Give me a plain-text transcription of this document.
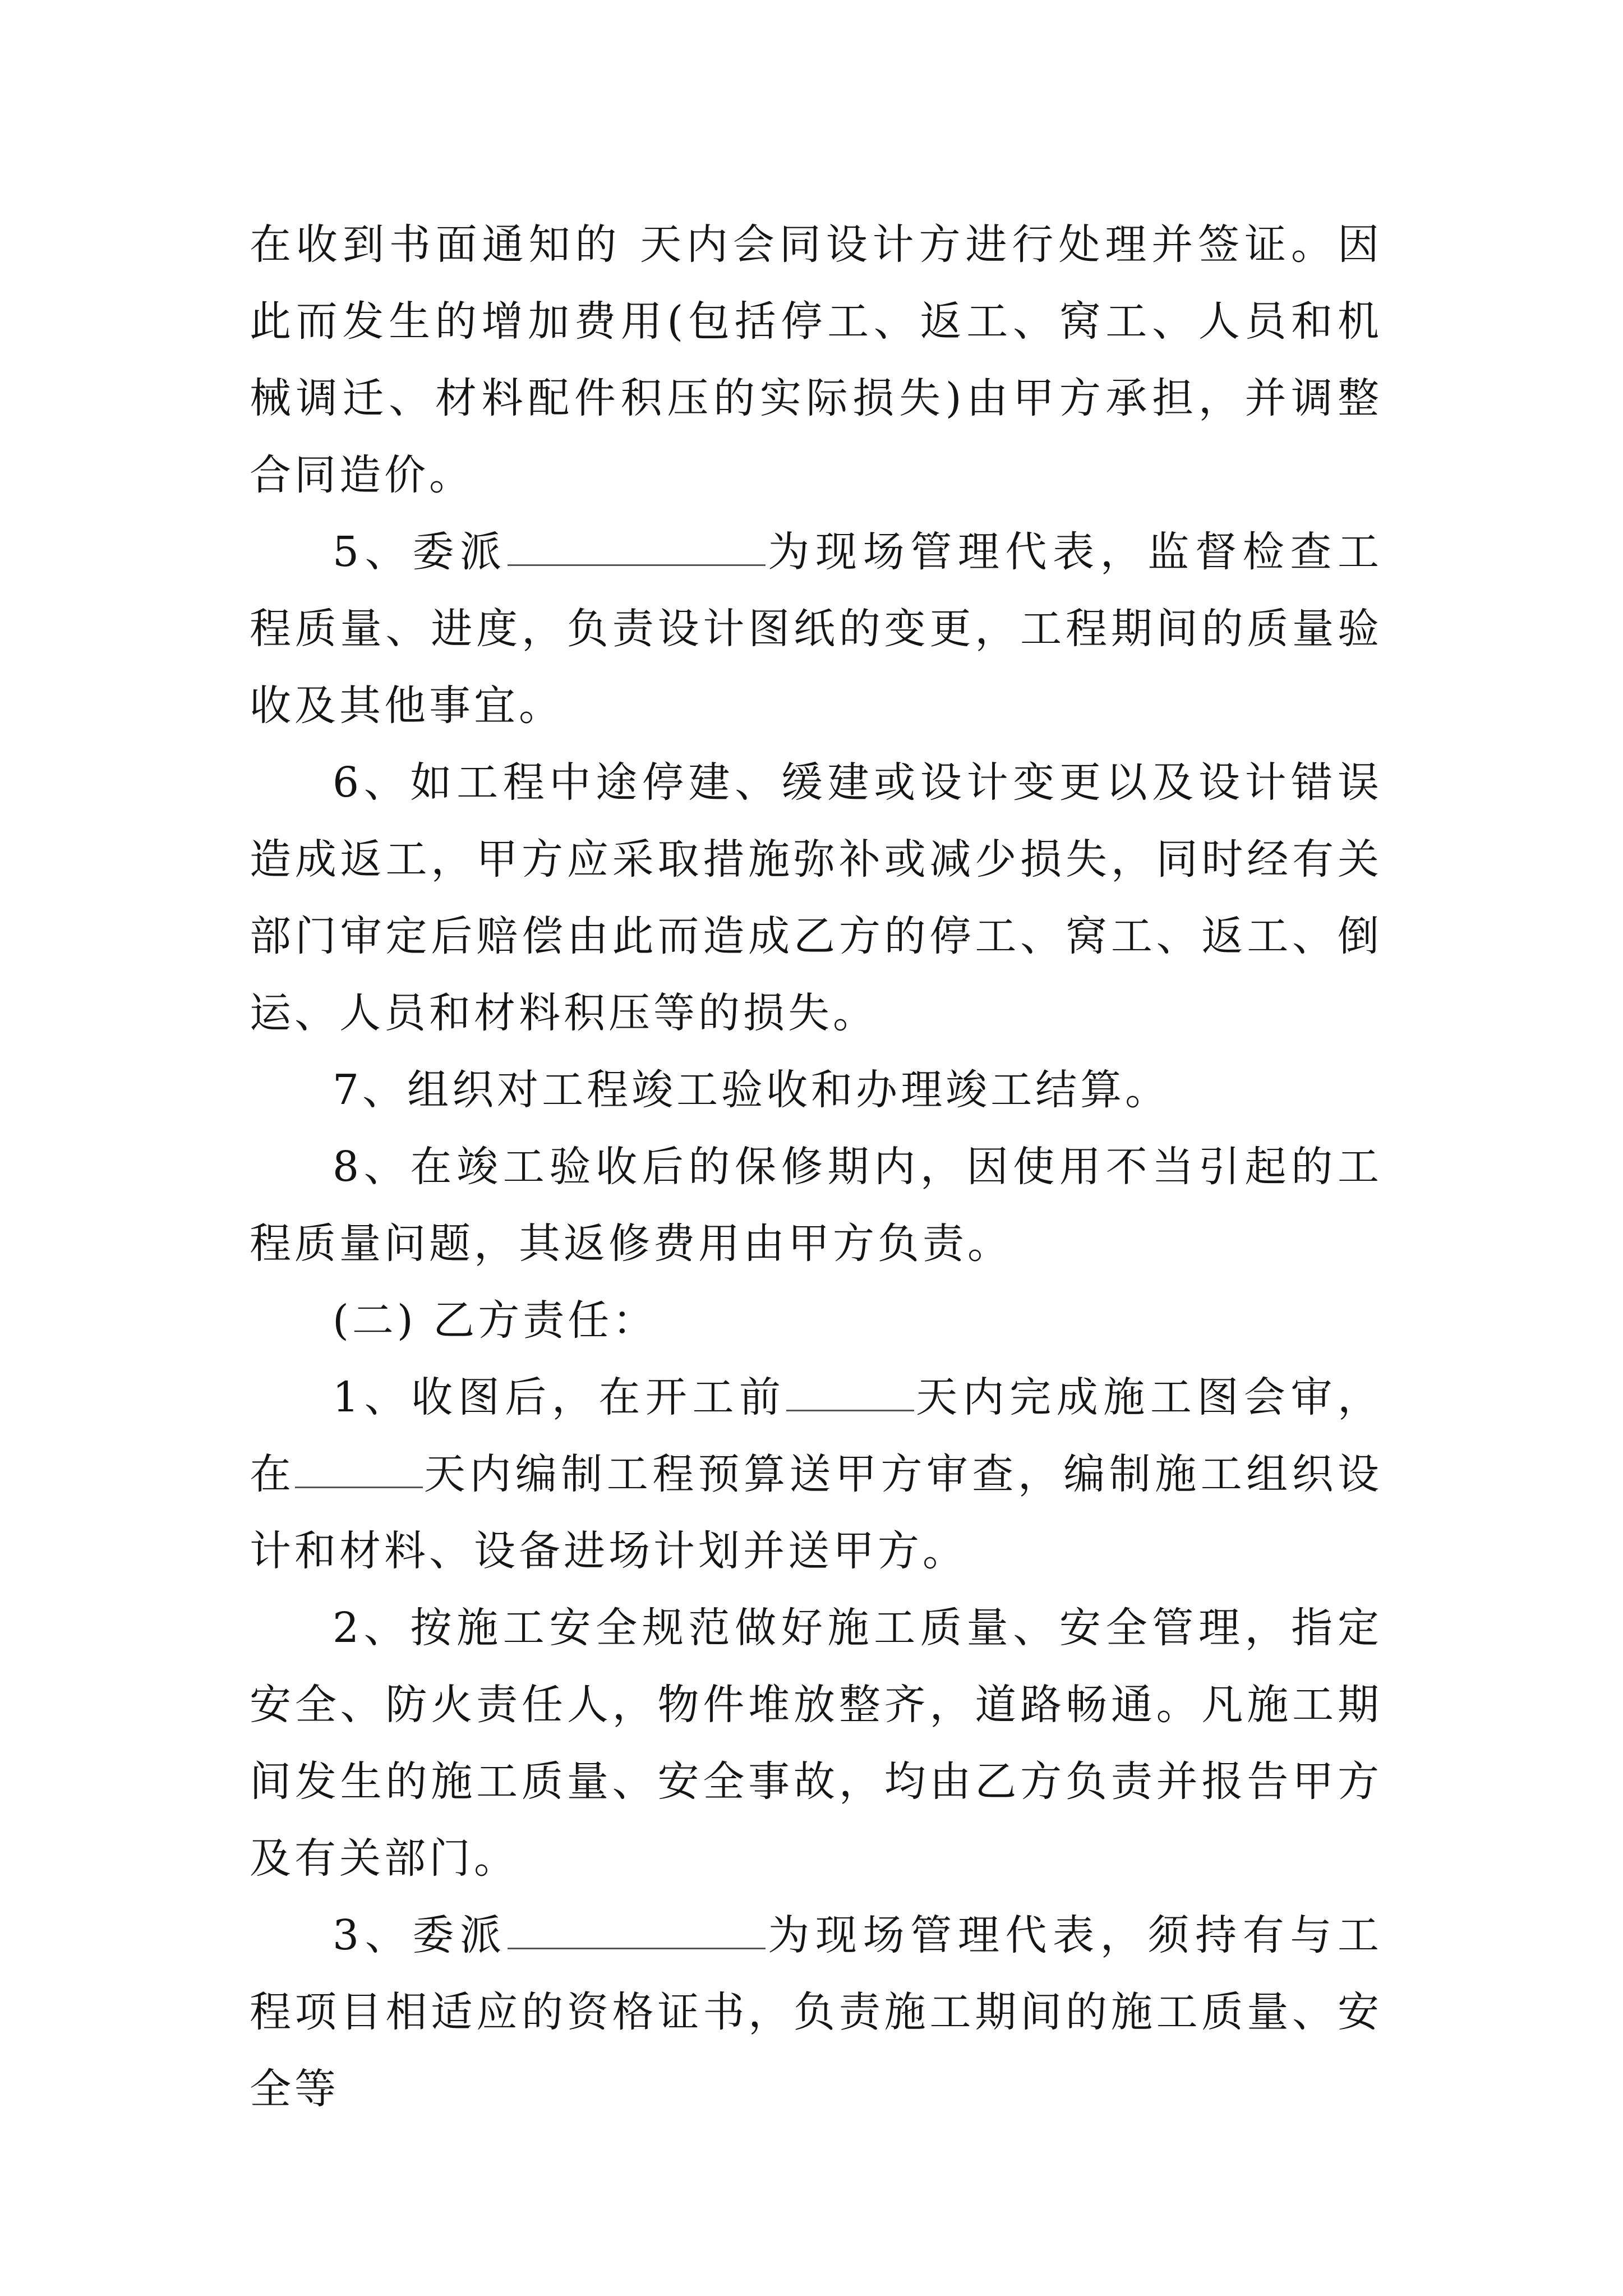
在收到书面通知的 天内会同设计方进行处理并签证。因此而发生的增加费用(包括停工、返工、窝工、人员和机械调迁、材料配件积压的实际损失)由甲方承担，并调整合同造价。

5、委派	为现场管理代表，监督检查工程质量、进度，负责设计图纸的变更，工程期间的质量验收及其他事宜。

6、如工程中途停建、缓建或设计变更以及设计错误造成返工，甲方应采取措施弥补或减少损失，同时经有关部门审定后赔偿由此而造成乙方的停工、窝工、返工、倒运、人员和材料积压等的损失。

7、组织对工程竣工验收和办理竣工结算。

8、在竣工验收后的保修期内，因使用不当引起的工程质量问题，其返修费用由甲方负责。

(二) 乙方责任：

1、收图后，在开工前	天内完成施工图会审，在	天内编制工程预算送甲方审查，编制施工组织设计和材料、设备进场计划并送甲方。

2、按施工安全规范做好施工质量、安全管理，指定安全、防火责任人，物件堆放整齐，道路畅通。凡施工期间发生的施工质量、安全事故，均由乙方负责并报告甲方及有关部门。

3、委派	为现场管理代表，须持有与工程项目相适应的资格证书，负责施工期间的施工质量、安全等
